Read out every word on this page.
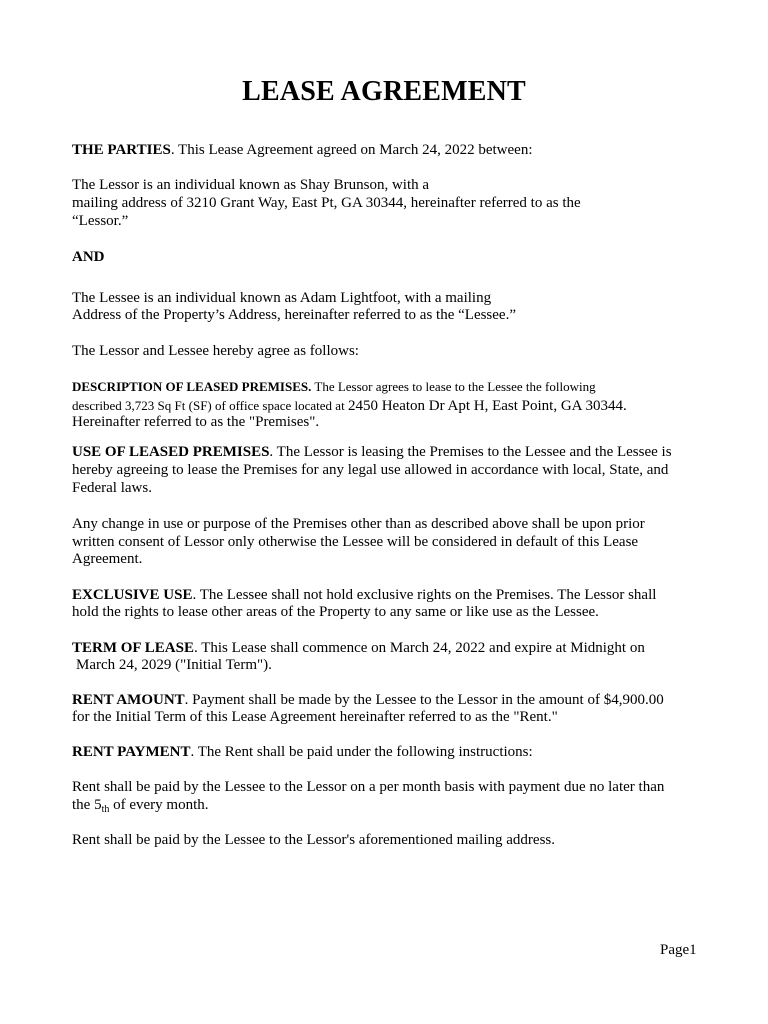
LEASE AGREEMENT

THE PARTIES. This Lease Agreement agreed on March 24, 2022 between:

The Lessor is an individual known as Shay Brunson, with a

mailing address of 3210 Grant Way, East Pt, GA 30344, hereinafter referred to as the

“Lessor.”

AND

The Lessee is an individual known as Adam Lightfoot, with a mailing

Address of the Property’s Address, hereinafter referred to as the “Lessee.”

The Lessor and Lessee hereby agree as follows:

DESCRIPTION OF LEASED PREMISES. The Lessor agrees to lease to the Lessee the following

described 3,723 Sq Ft (SF) of office space located at 2450 Heaton Dr Apt H, East Point, GA 30344.

Hereinafter referred to as the "Premises".

USE OF LEASED PREMISES. The Lessor is leasing the Premises to the Lessee and the Lessee is

hereby agreeing to lease the Premises for any legal use allowed in accordance with local, State, and

Federal laws.

Any change in use or purpose of the Premises other than as described above shall be upon prior

written consent of Lessor only otherwise the Lessee will be considered in default of this Lease

Agreement.

EXCLUSIVE USE. The Lessee shall not hold exclusive rights on the Premises. The Lessor shall

hold the rights to lease other areas of the Property to any same or like use as the Lessee.

TERM OF LEASE. This Lease shall commence on March 24, 2022 and expire at Midnight on

March 24, 2029 ("Initial Term").

RENT AMOUNT. Payment shall be made by the Lessee to the Lessor in the amount of $4,900.00

for the Initial Term of this Lease Agreement hereinafter referred to as the "Rent."

RENT PAYMENT. The Rent shall be paid under the following instructions:

Rent shall be paid by the Lessee to the Lessor on a per month basis with payment due no later than

the $5_{th}$ of every month.

Rent shall be paid by the Lessee to the Lessor's aforementioned mailing address.

Page1
